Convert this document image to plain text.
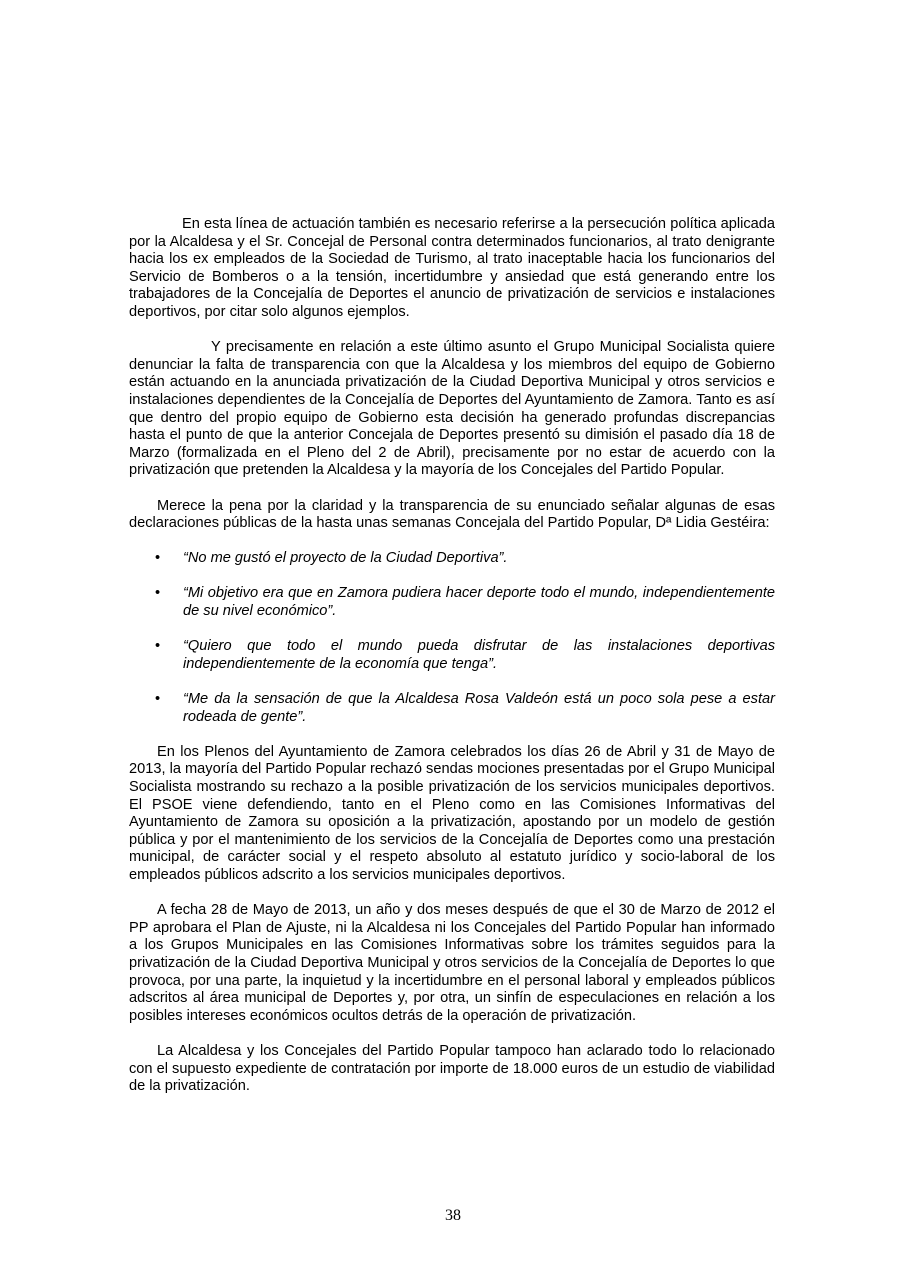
En esta línea de actuación también es necesario referirse a la persecución política aplicada por la Alcaldesa y el Sr. Concejal de Personal contra determinados funcionarios, al trato denigrante hacia los ex empleados de la Sociedad de Turismo, al trato inaceptable hacia los funcionarios del Servicio de Bomberos o a la tensión, incertidumbre y ansiedad que está generando entre los trabajadores de la Concejalía de Deportes el anuncio de privatización de servicios e instalaciones deportivos, por citar solo algunos ejemplos.

Y precisamente en relación a este último asunto el Grupo Municipal Socialista quiere denunciar la falta de transparencia con que la Alcaldesa y los miembros del equipo de Gobierno están actuando en la anunciada privatización de la Ciudad Deportiva Municipal y otros servicios e instalaciones dependientes de la Concejalía de Deportes del Ayuntamiento de Zamora. Tanto es así que dentro del propio equipo de Gobierno esta decisión ha generado profundas discrepancias hasta el punto de que la anterior Concejala de Deportes presentó su dimisión el pasado día 18 de Marzo (formalizada en el Pleno del 2 de Abril), precisamente por no estar de acuerdo con la privatización que pretenden la Alcaldesa y la mayoría de los Concejales del Partido Popular.

Merece la pena por la claridad y la transparencia de su enunciado señalar algunas de esas declaraciones públicas de la hasta unas semanas Concejala del Partido Popular, Dª Lidia Gestéira:

• “No me gustó el proyecto de la Ciudad Deportiva”.
• “Mi objetivo era que en Zamora pudiera hacer deporte todo el mundo, independientemente de su nivel económico”.
• “Quiero que todo el mundo pueda disfrutar de las instalaciones deportivas independientemente de la economía que tenga”.
• “Me da la sensación de que la Alcaldesa Rosa Valdeón está un poco sola pese a estar rodeada de gente”.

En los Plenos del Ayuntamiento de Zamora celebrados los días 26 de Abril y 31 de Mayo de 2013, la mayoría del Partido Popular rechazó sendas mociones presentadas por el Grupo Municipal Socialista mostrando su rechazo a la posible privatización de los servicios municipales deportivos. El PSOE viene defendiendo, tanto en el Pleno como en las Comisiones Informativas del Ayuntamiento de Zamora su oposición a la privatización, apostando por un modelo de gestión pública y por el mantenimiento de los servicios de la Concejalía de Deportes como una prestación municipal, de carácter social y el respeto absoluto al estatuto jurídico y socio-laboral de los empleados públicos adscrito a los servicios municipales deportivos.

A fecha 28 de Mayo de 2013, un año y dos meses después de que el 30 de Marzo de 2012 el PP aprobara el Plan de Ajuste, ni la Alcaldesa ni los Concejales del Partido Popular han informado a los Grupos Municipales en las Comisiones Informativas sobre los trámites seguidos para la privatización de la Ciudad Deportiva Municipal y otros servicios de la Concejalía de Deportes lo que provoca, por una parte, la inquietud y la incertidumbre en el personal laboral y empleados públicos adscritos al área municipal de Deportes y, por otra, un sinfín de especulaciones en relación a los posibles intereses económicos ocultos detrás de la operación de privatización.

La Alcaldesa y los Concejales del Partido Popular tampoco han aclarado todo lo relacionado con el supuesto expediente de contratación por importe de 18.000 euros de un estudio de viabilidad de la privatización.

38
